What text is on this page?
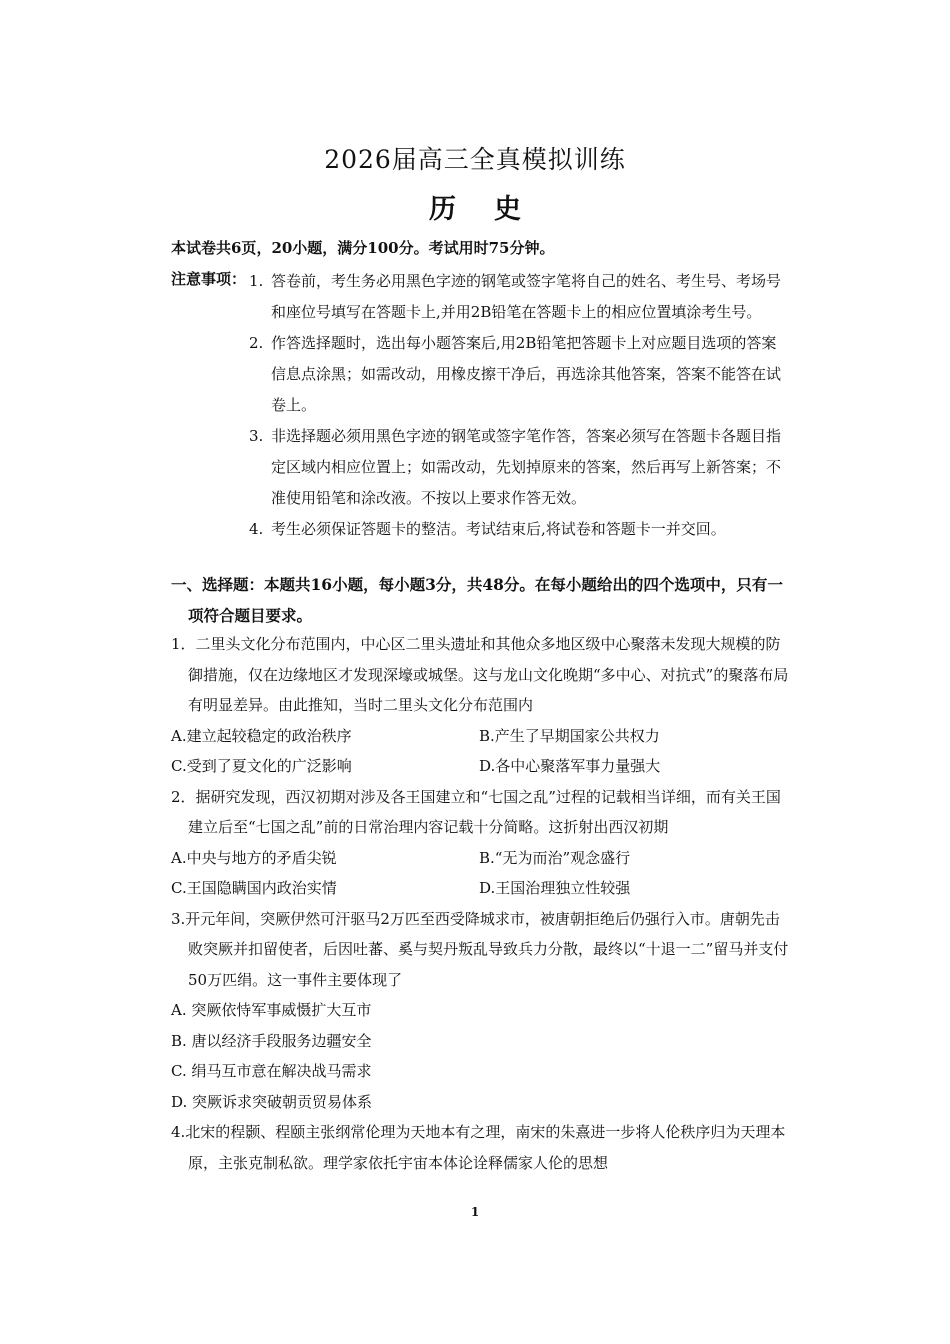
2026届高三全真模拟训练
历史
本试卷共6页，20小题，满分100分。考试用时75分钟。
注意事项： 1. 答卷前，考生务必用黑色字迹的钢笔或签字笔将自己的姓名、考生号、考场号和座位号填写在答题卡上,并用2B铅笔在答题卡上的相应位置填涂考生号。
2. 作答选择题时，选出每小题答案后,用2B铅笔把答题卡上对应题目选项的答案信息点涂黑；如需改动，用橡皮擦干净后，再选涂其他答案，答案不能答在试卷上。
3. 非选择题必须用黑色字迹的钢笔或签字笔作答，答案必须写在答题卡各题目指定区域内相应位置上；如需改动，先划掉原来的答案，然后再写上新答案；不准使用铅笔和涂改液。不按以上要求作答无效。
4. 考生必须保证答题卡的整洁。考试结束后,将试卷和答题卡一并交回。
一、选择题：本题共16小题，每小题3分，共48分。在每小题给出的四个选项中，只有一项符合题目要求。
1．二里头文化分布范围内，中心区二里头遗址和其他众多地区级中心聚落未发现大规模的防御措施，仅在边缘地区才发现深壕或城堡。这与龙山文化晚期“多中心、对抗式”的聚落布局有明显差异。由此推知，当时二里头文化分布范围内
A.建立起较稳定的政治秩序	B.产生了早期国家公共权力
C.受到了夏文化的广泛影响	D.各中心聚落军事力量强大
2．据研究发现，西汉初期对涉及各王国建立和“七国之乱”过程的记载相当详细，而有关王国建立后至“七国之乱”前的日常治理内容记载十分简略。这折射出西汉初期
A.中央与地方的矛盾尖锐	B.“无为而治”观念盛行
C.王国隐瞒国内政治实情	D.王国治理独立性较强
3.开元年间，突厥伊然可汗驱马2万匹至西受降城求市，被唐朝拒绝后仍强行入市。唐朝先击败突厥并扣留使者，后因吐蕃、奚与契丹叛乱导致兵力分散，最终以“十退一二”留马并支付50万匹绢。这一事件主要体现了
A. 突厥依恃军事威慑扩大互市
B. 唐以经济手段服务边疆安全
C. 绢马互市意在解决战马需求
D. 突厥诉求突破朝贡贸易体系
4.北宋的程颢、程颐主张纲常伦理为天地本有之理，南宋的朱熹进一步将人伦秩序归为天理本原，主张克制私欲。理学家依托宇宙本体论诠释儒家人伦的思想
1
